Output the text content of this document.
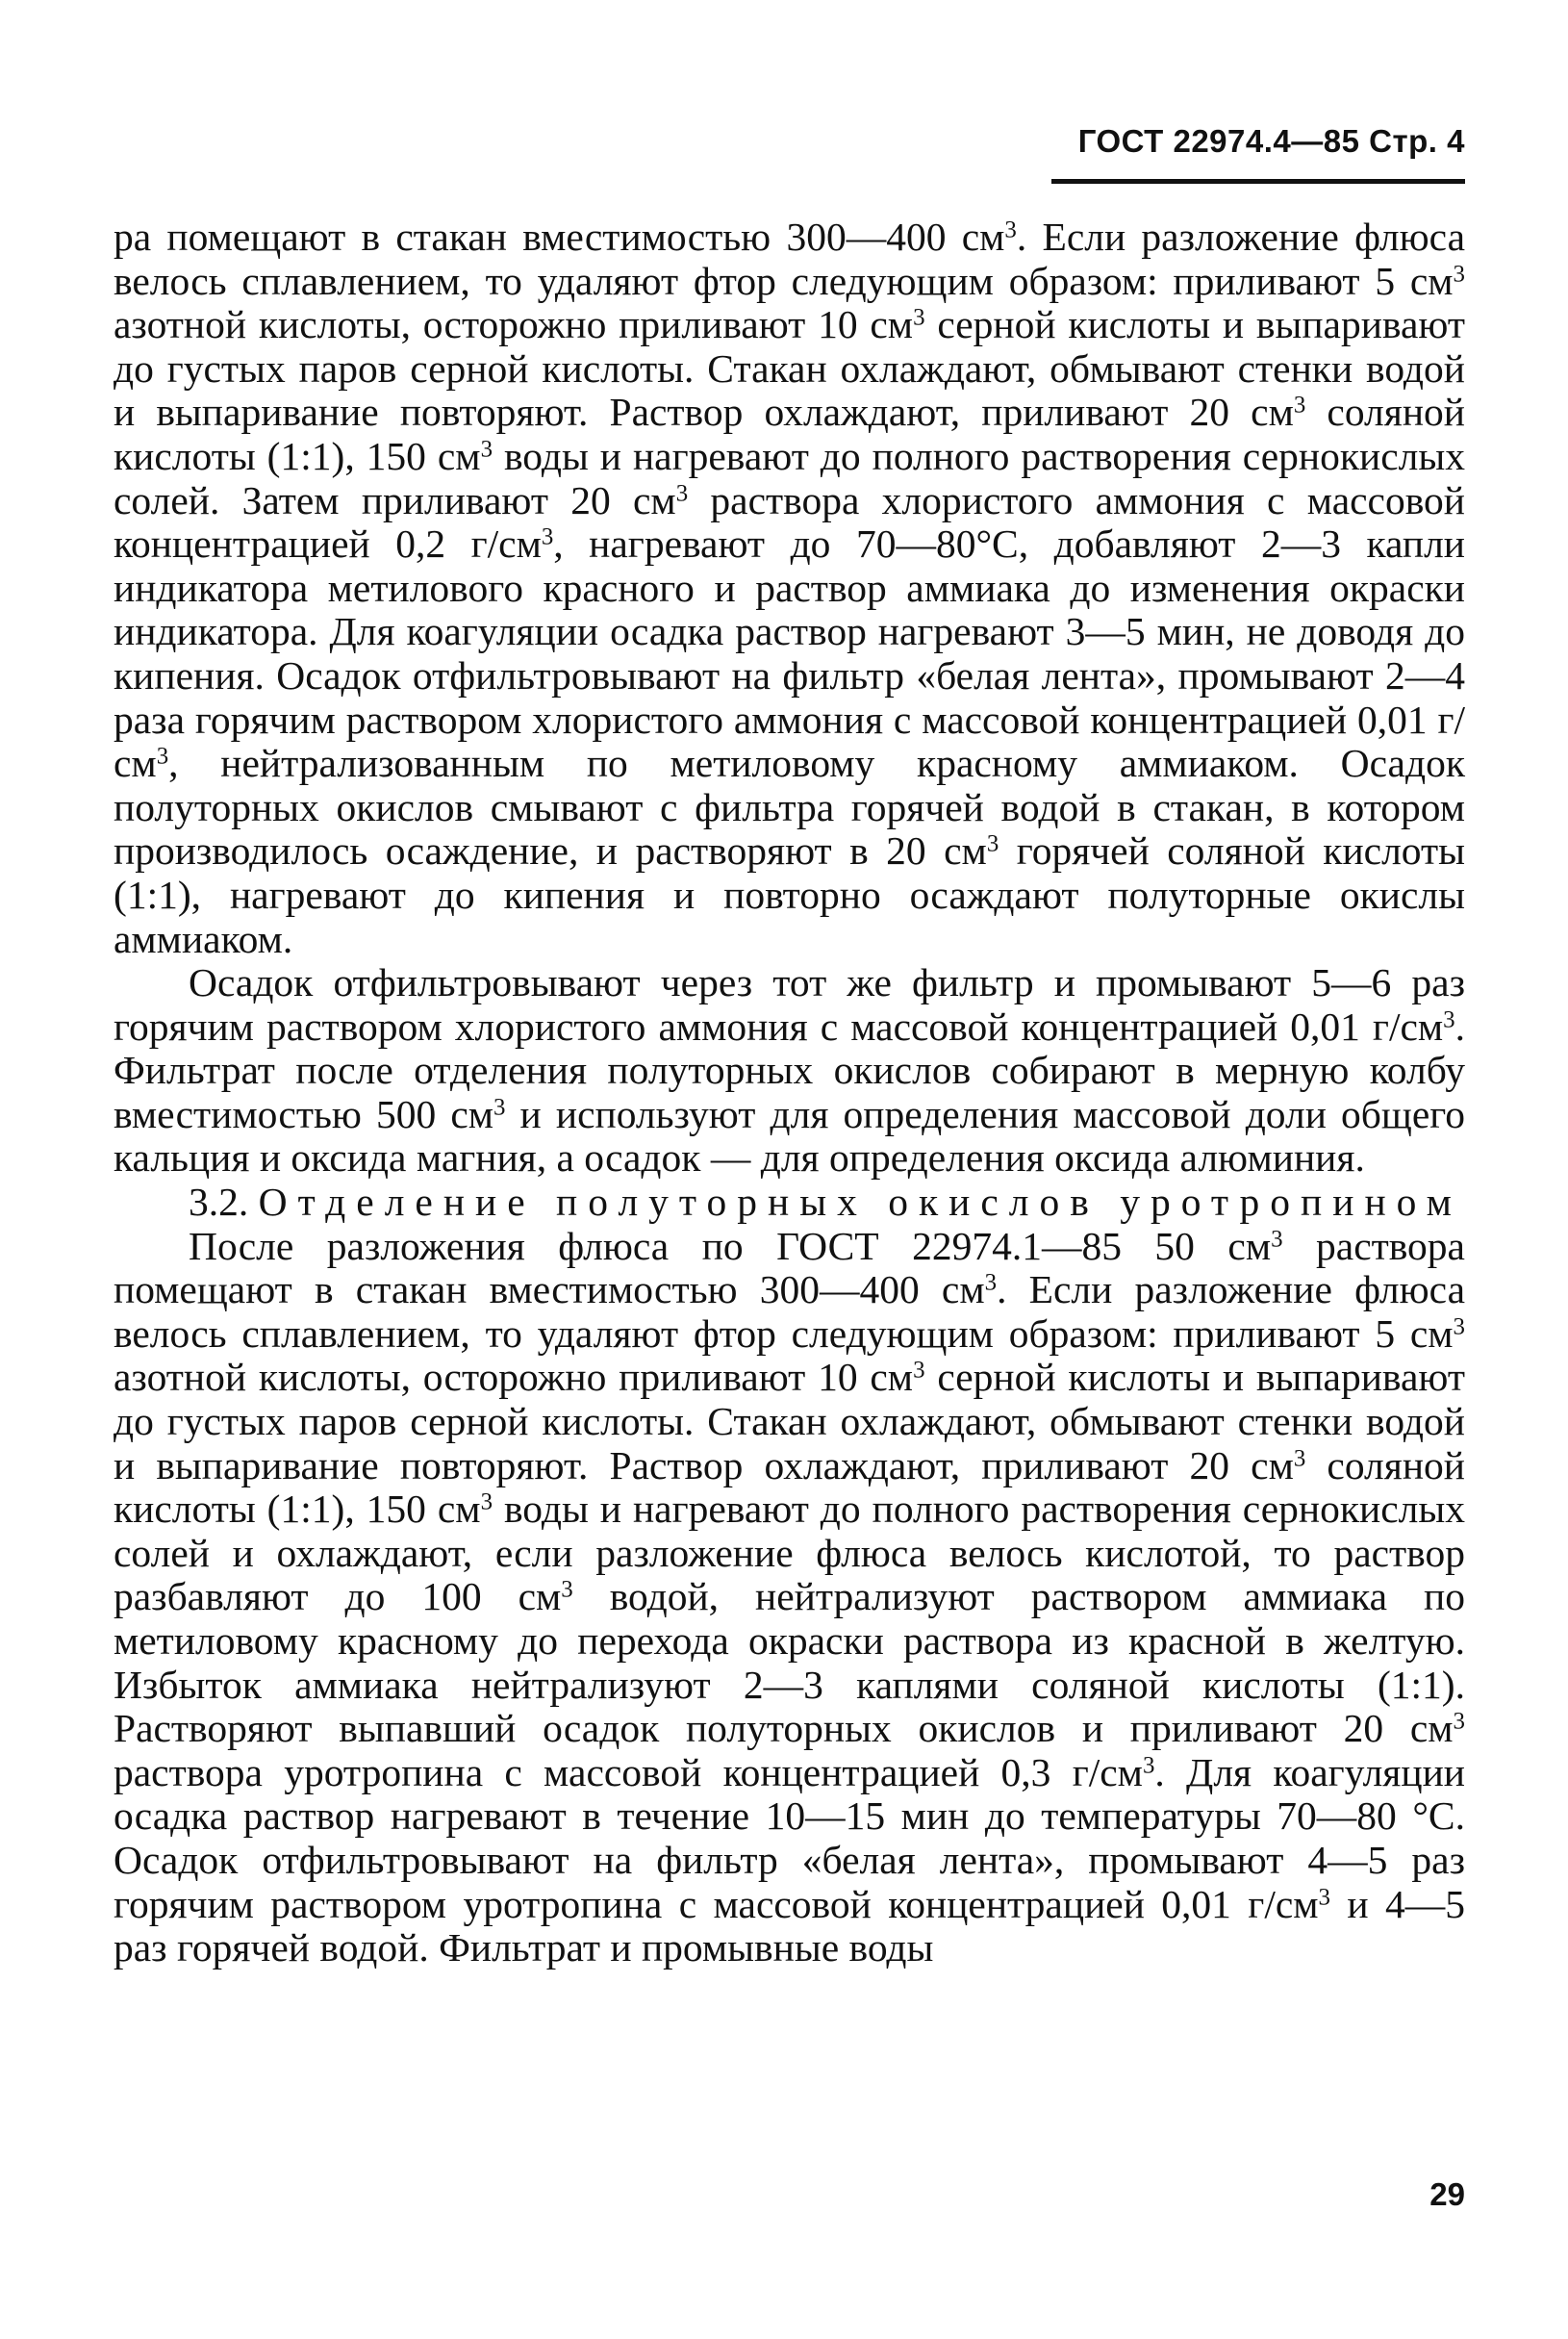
ГОСТ 22974.4—85 Стр. 4

ра помещают в стакан вместимостью 300—400 $см^3$. Если разложение флюса велось сплавлением, то удаляют фтор следующим образом: приливают 5 $см^3$ азотной кислоты, осторожно приливают 10 $см^3$ серной кислоты и выпаривают до густых паров серной кислоты. Стакан охлаждают, обмывают стенки водой и выпаривание повторяют. Раствор охлаждают, приливают 20 $см^3$ соляной кислоты (1:1), 150 $см^3$ воды и нагревают до полного растворения сернокислых солей. Затем приливают 20 $см^3$ раствора хлористого аммония с массовой концентрацией 0,2 $г/см^3$, нагревают до 70—80°С, добавляют 2—3 капли индикатора метилового красного и раствор аммиака до изменения окраски индикатора. Для коагуляции осадка раствор нагревают 3—5 мин, не доводя до кипения. Осадок отфильтровывают на фильтр «белая лента», промывают 2—4 раза горячим раствором хлористого аммония с массовой концентрацией 0,01 $г/см^3$, нейтрализованным по метиловому красному аммиаком. Осадок полуторных окислов смывают с фильтра горячей водой в стакан, в котором производилось осаждение, и растворяют в 20 $см^3$ горячей соляной кислоты (1:1), нагревают до кипения и повторно осаждают полуторные окислы аммиаком.

Осадок отфильтровывают через тот же фильтр и промывают 5—6 раз горячим раствором хлористого аммония с массовой концентрацией 0,01 $г/см^3$. Фильтрат после отделения полуторных окислов собирают в мерную колбу вместимостью 500 $см^3$ и используют для определения массовой доли общего кальция и оксида магния, а осадок — для определения оксида алюминия.

3.2. Отделение полуторных окислов уротропином

После разложения флюса по ГОСТ 22974.1—85 50 $см^3$ раствора помещают в стакан вместимостью 300—400 $см^3$. Если разложение флюса велось сплавлением, то удаляют фтор следующим образом: приливают 5 $см^3$ азотной кислоты, осторожно приливают 10 $см^3$ серной кислоты и выпаривают до густых паров серной кислоты. Стакан охлаждают, обмывают стенки водой и выпаривание повторяют. Раствор охлаждают, приливают 20 $см^3$ соляной кислоты (1:1), 150 $см^3$ воды и нагревают до полного растворения сернокислых солей и охлаждают, если разложение флюса велось кислотой, то раствор разбавляют до 100 $см^3$ водой, нейтрализуют раствором аммиака по метиловому красному до перехода окраски раствора из красной в желтую. Избыток аммиака нейтрализуют 2—3 каплями соляной кислоты (1:1). Растворяют выпавший осадок полуторных окислов и приливают 20 $см^3$ раствора уротропина с массовой концентрацией 0,3 $г/см^3$. Для коагуляции осадка раствор нагревают в течение 10—15 мин до температуры 70—80 °С. Осадок отфильтровывают на фильтр «белая лента», промывают 4—5 раз горячим раствором уротропина с массовой концентрацией 0,01 $г/см^3$ и 4—5 раз горячей водой. Фильтрат и промывные воды

29
